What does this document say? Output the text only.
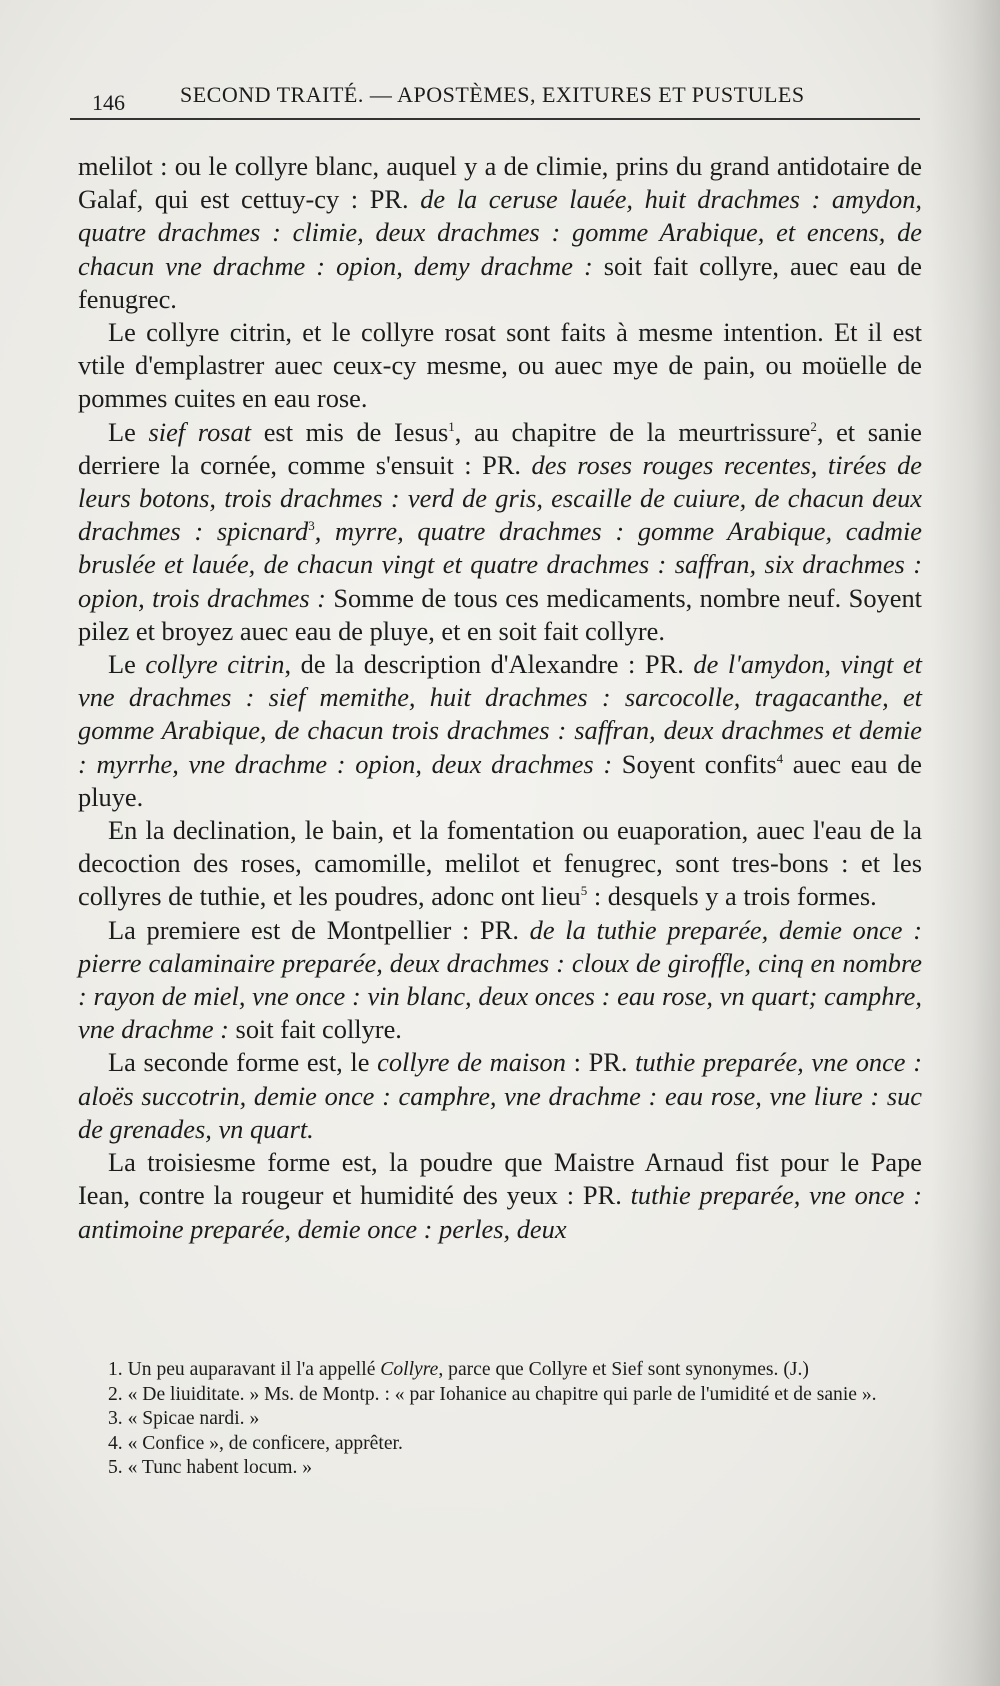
146	SECOND TRAITÉ. — APOSTÈMES, EXITURES ET PUSTULES

melilot : ou le collyre blanc, auquel y a de climie, prins du grand antidotaire de Galaf, qui est cettuy-cy : PR. de la ceruse lauée, huit drachmes : amydon, quatre drachmes : climie, deux drachmes : gomme Arabique, et encens, de chacun vne drachme : opion, demy drachme : soit fait collyre, auec eau de fenugrec.

Le collyre citrin, et le collyre rosat sont faits à mesme intention. Et il est vtile d'emplastrer auec ceux-cy mesme, ou auec mye de pain, ou moüelle de pommes cuites en eau rose.

Le sief rosat est mis de Iesus$^1$, au chapitre de la meurtrissure$^2$, et sanie derriere la cornée, comme s'ensuit : PR. des roses rouges recentes, tirées de leurs botons, trois drachmes : verd de gris, escaille de cuiure, de chacun deux drachmes : spicnard$^3$, myrre, quatre drachmes : gomme Arabique, cadmie bruslée et lauée, de chacun vingt et quatre drachmes : saffran, six drachmes : opion, trois drachmes : Somme de tous ces medicaments, nombre neuf. Soyent pilez et broyez auec eau de pluye, et en soit fait collyre.

Le collyre citrin, de la description d'Alexandre : PR. de l'amydon, vingt et vne drachmes : sief memithe, huit drachmes : sarcocolle, tragacanthe, et gomme Arabique, de chacun trois drachmes : saffran, deux drachmes et demie : myrrhe, vne drachme : opion, deux drachmes : Soyent confits$^4$ auec eau de pluye.

En la declination, le bain, et la fomentation ou euaporation, auec l'eau de la decoction des roses, camomille, melilot et fenugrec, sont tres-bons : et les collyres de tuthie, et les poudres, adonc ont lieu$^5$ : desquels y a trois formes.

La premiere est de Montpellier : PR. de la tuthie preparée, demie once : pierre calaminaire preparée, deux drachmes : cloux de giroffle, cinq en nombre : rayon de miel, vne once : vin blanc, deux onces : eau rose, vn quart; camphre, vne drachme : soit fait collyre.

La seconde forme est, le collyre de maison : PR. tuthie preparée, vne once : aloës succotrin, demie once : camphre, vne drachme : eau rose, vne liure : suc de grenades, vn quart.

La troisiesme forme est, la poudre que Maistre Arnaud fist pour le Pape Iean, contre la rougeur et humidité des yeux : PR. tuthie preparée, vne once : antimoine preparée, demie once : perles, deux

1. Un peu auparavant il l'a appellé Collyre, parce que Collyre et Sief sont synonymes. (J.)

2. « De liuiditate. » Ms. de Montp. : « par Iohanice au chapitre qui parle de l'umidité et de sanie ».

3. « Spicae nardi. »

4. « Confice », de conficere, apprêter.

5. « Tunc habent locum. »
